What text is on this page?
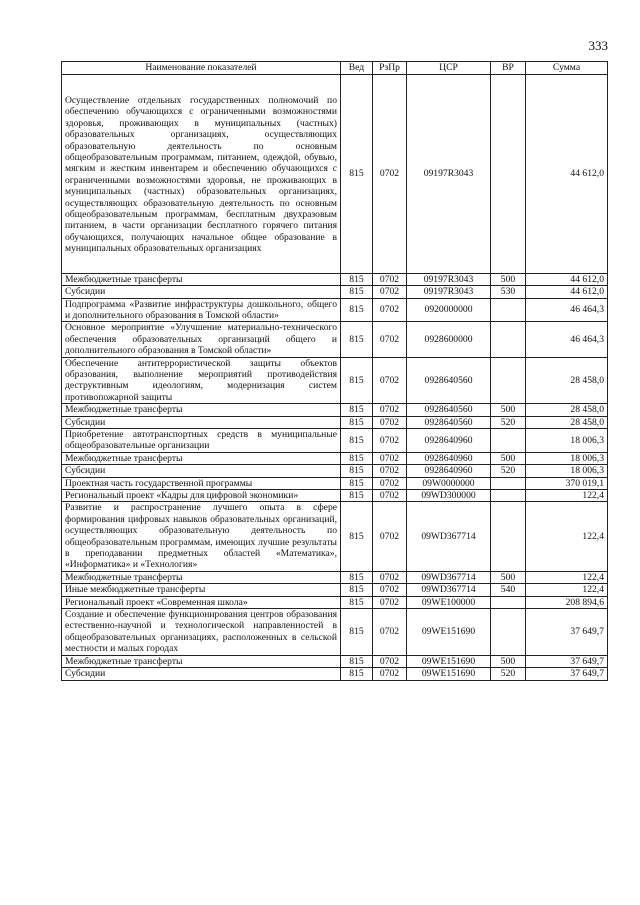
333
Наименование показателей	Вед	РзПр	ЦСР	ВР	Сумма
Осуществление отдельных государственных полномочий по обеспечению обучающихся с ограниченными возможностями здоровья, проживающих в муниципальных (частных) образовательных организациях, осуществляющих образовательную деятельность по основным общеобразовательным программам, питанием, одеждой, обувью, мягким и жестким инвентарем и обеспечению обучающихся с ограниченными возможностями здоровья, не проживающих в муниципальных (частных) образовательных организациях, осуществляющих образовательную деятельность по основным общеобразовательным программам, бесплатным двухразовым питанием, в части организации бесплатного горячего питания обучающихся, получающих начальное общее образование в муниципальных образовательных организациях	815	0702	09197R3043		44 612,0
Межбюджетные трансферты	815	0702	09197R3043	500	44 612,0
Субсидии	815	0702	09197R3043	530	44 612,0
Подпрограмма «Развитие инфраструктуры дошкольного, общего и дополнительного образования в Томской области»	815	0702	0920000000		46 464,3
Основное мероприятие «Улучшение материально-технического обеспечения образовательных организаций общего и дополнительного образования в Томской области»	815	0702	0928600000		46 464,3
Обеспечение антитеррористической защиты объектов образования, выполнение мероприятий противодействия деструктивным идеологиям, модернизация систем противопожарной защиты	815	0702	0928640560		28 458,0
Межбюджетные трансферты	815	0702	0928640560	500	28 458,0
Субсидии	815	0702	0928640560	520	28 458,0
Приобретение автотранспортных средств в муниципальные общеобразовательные организации	815	0702	0928640960		18 006,3
Межбюджетные трансферты	815	0702	0928640960	500	18 006,3
Субсидии	815	0702	0928640960	520	18 006,3
Проектная часть государственной программы	815	0702	09W0000000		370 019,1
Региональный проект «Кадры для цифровой экономики»	815	0702	09WD300000		122,4
Развитие и распространение лучшего опыта в сфере формирования цифровых навыков образовательных организаций, осуществляющих образовательную деятельность по общеобразовательным программам, имеющих лучшие результаты в преподавании предметных областей «Математика», «Информатика» и «Технология»	815	0702	09WD367714		122,4
Межбюджетные трансферты	815	0702	09WD367714	500	122,4
Иные межбюджетные трансферты	815	0702	09WD367714	540	122,4
Региональный проект «Современная школа»	815	0702	09WE100000		208 894,6
Создание и обеспечение функционирования центров образования естественно-научной и технологической направленностей в общеобразовательных организациях, расположенных в сельской местности и малых городах	815	0702	09WE151690		37 649,7
Межбюджетные трансферты	815	0702	09WE151690	500	37 649,7
Субсидии	815	0702	09WE151690	520	37 649,7
